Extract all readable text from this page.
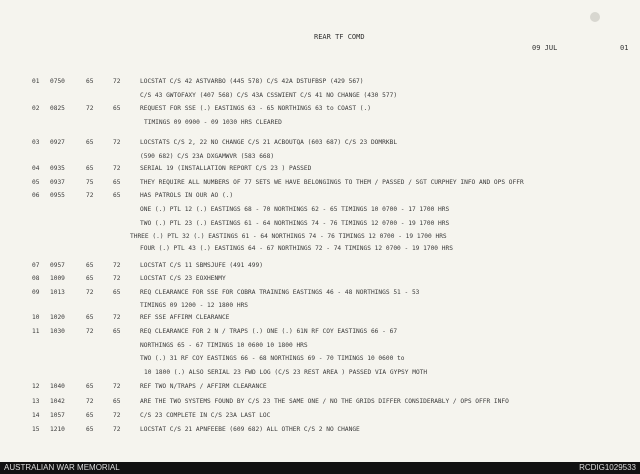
REAR TF COMD
09 JUL	01
01 0750	65	72	LOCSTAT C/S 42 ASTVARBO (445 578) C/S 42A DSTUFBSP (429 567)
C/S 43 GWTOFAXY (407 568) C/S 43A CSSWIENT C/S 41 NO CHANGE (430 577)
02 0825	72	65	REQUEST FOR SSE (.) EASTINGS 63 - 65 NORTHINGS 63 to COAST (.)
TIMINGS 09 0900 - 09 1030 HRS CLEARED
03 0927	65	72	LOCSTATS C/S 2, 22 NO CHANGE C/S 21 ACBOUTQA (603 687) C/S 23 DOMRKBL
(590 682) C/S 23A DXGAMWVR (583 668)
04 0935	65	72	SERIAL 19 (INSTALLATION REPORT C/S 23 ) PASSED
05 0937	75	65	THEY REQUIRE ALL NUMBERS OF 77 SETS WE HAVE BELONGINGS TO THEM / PASSED / SGT CURPHEY INFO AND OPS OFFR
06 0955	72	65	HAS PATROLS IN OUR AO (.)
ONE (.) PTL 12 (.) EASTINGS 68 - 70 NORTHINGS 62 - 65 TIMINGS 10 0700 - 17 1700 HRS
TWO (.) PTL 23 (.) EASTINGS 61 - 64 NORTHINGS 74 - 76 TIMINGS 12 0700 - 19 1700 HRS
THREE (.) PTL 32 (.) EASTINGS 61 - 64 NORTHINGS 74 - 76 TIMINGS 12 0700 - 19 1700 HRS
FOUR (.) PTL 43 (.) EASTINGS 64 - 67 NORTHINGS 72 - 74 TIMINGS 12 0700 - 19 1700 HRS
07 0957	65	72	LOCSTAT C/S 11 SBMSJUFE (491 499)
08 1009	65	72	LOCSTAT C/S 23 EOXHENMY
09 1013	72	65	REQ CLEARANCE FOR SSE FOR COBRA TRAINING EASTINGS 46 - 48 NORTHINGS 51 - 53
TIMINGS 09 1200 - 12 1800 HRS
10 1020	65	72	REF SSE AFFIRM CLEARANCE
11 1030	72	65	REQ CLEARANCE FOR 2 N / TRAPS (.) ONE (.) 61N RF COY EASTINGS 66 - 67
NORTHINGS 65 - 67 TIMINGS 10 0600 10 1800 HRS
TWO (.) 31 RF COY EASTINGS 66 - 68 NORTHINGS 69 - 70 TIMINGS 10 0600 to
10 1800 (.) ALSO SERIAL 23 FWD LOG (C/S 23 REST AREA ) PASSED VIA GYPSY MOTH
12 1040	65	72	REF TWO N/TRAPS / AFFIRM CLEARANCE
13 1042	72	65	ARE THE TWO SYSTEMS FOUND BY C/S 23 THE SAME ONE / NO THE GRIDS DIFFER CONSIDERABLY / OPS OFFR INFO
14 1057	65	72	C/S 23 COMPLETE IN C/S 23A LAST LOC
15 1210	65	72	LOCSTAT C/S 21 APNFEEBE (609 682) ALL OTHER C/S 2 NO CHANGE
AUSTRALIAN WAR MEMORIAL	RCDIG1029533
